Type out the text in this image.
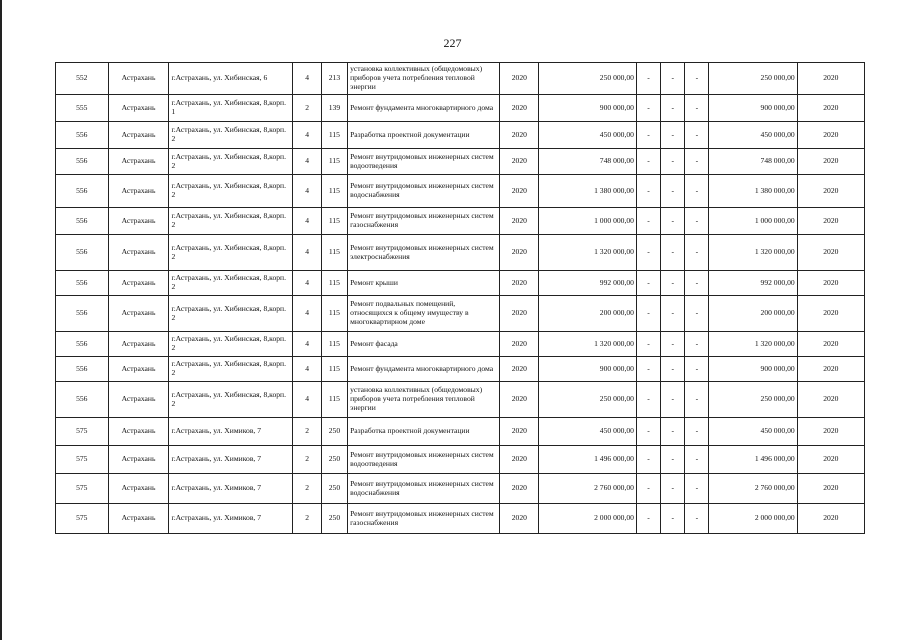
227
552	Астрахань	г.Астрахань, ул. Хибинская, 6	4	213	установка коллективных (общедомовых) приборов учета потребления тепловой энергии	2020	250 000,00	-	-	-	250 000,00	2020
555	Астрахань	г.Астрахань, ул. Хибинская, 8,корп. 1	2	139	Ремонт фундамента многоквартирного дома	2020	900 000,00	-	-	-	900 000,00	2020
556	Астрахань	г.Астрахань, ул. Хибинская, 8,корп. 2	4	115	Разработка проектной документации	2020	450 000,00	-	-	-	450 000,00	2020
556	Астрахань	г.Астрахань, ул. Хибинская, 8,корп. 2	4	115	Ремонт внутридомовых инженерных систем водоотведения	2020	748 000,00	-	-	-	748 000,00	2020
556	Астрахань	г.Астрахань, ул. Хибинская, 8,корп. 2	4	115	Ремонт внутридомовых инженерных систем водоснабжения	2020	1 380 000,00	-	-	-	1 380 000,00	2020
556	Астрахань	г.Астрахань, ул. Хибинская, 8,корп. 2	4	115	Ремонт внутридомовых инженерных систем газоснабжения	2020	1 000 000,00	-	-	-	1 000 000,00	2020
556	Астрахань	г.Астрахань, ул. Хибинская, 8,корп. 2	4	115	Ремонт внутридомовых инженерных систем электроснабжения	2020	1 320 000,00	-	-	-	1 320 000,00	2020
556	Астрахань	г.Астрахань, ул. Хибинская, 8,корп. 2	4	115	Ремонт крыши	2020	992 000,00	-	-	-	992 000,00	2020
556	Астрахань	г.Астрахань, ул. Хибинская, 8,корп. 2	4	115	Ремонт подвальных помещений, относящихся к общему имуществу в многоквартирном доме	2020	200 000,00	-	-	-	200 000,00	2020
556	Астрахань	г.Астрахань, ул. Хибинская, 8,корп. 2	4	115	Ремонт фасада	2020	1 320 000,00	-	-	-	1 320 000,00	2020
556	Астрахань	г.Астрахань, ул. Хибинская, 8,корп. 2	4	115	Ремонт фундамента многоквартирного дома	2020	900 000,00	-	-	-	900 000,00	2020
556	Астрахань	г.Астрахань, ул. Хибинская, 8,корп. 2	4	115	установка коллективных (общедомовых) приборов учета потребления тепловой энергии	2020	250 000,00	-	-	-	250 000,00	2020
575	Астрахань	г.Астрахань, ул. Химиков, 7	2	250	Разработка проектной документации	2020	450 000,00	-	-	-	450 000,00	2020
575	Астрахань	г.Астрахань, ул. Химиков, 7	2	250	Ремонт внутридомовых инженерных систем водоотведения	2020	1 496 000,00	-	-	-	1 496 000,00	2020
575	Астрахань	г.Астрахань, ул. Химиков, 7	2	250	Ремонт внутридомовых инженерных систем водоснабжения	2020	2 760 000,00	-	-	-	2 760 000,00	2020
575	Астрахань	г.Астрахань, ул. Химиков, 7	2	250	Ремонт внутридомовых инженерных систем газоснабжения	2020	2 000 000,00	-	-	-	2 000 000,00	2020
